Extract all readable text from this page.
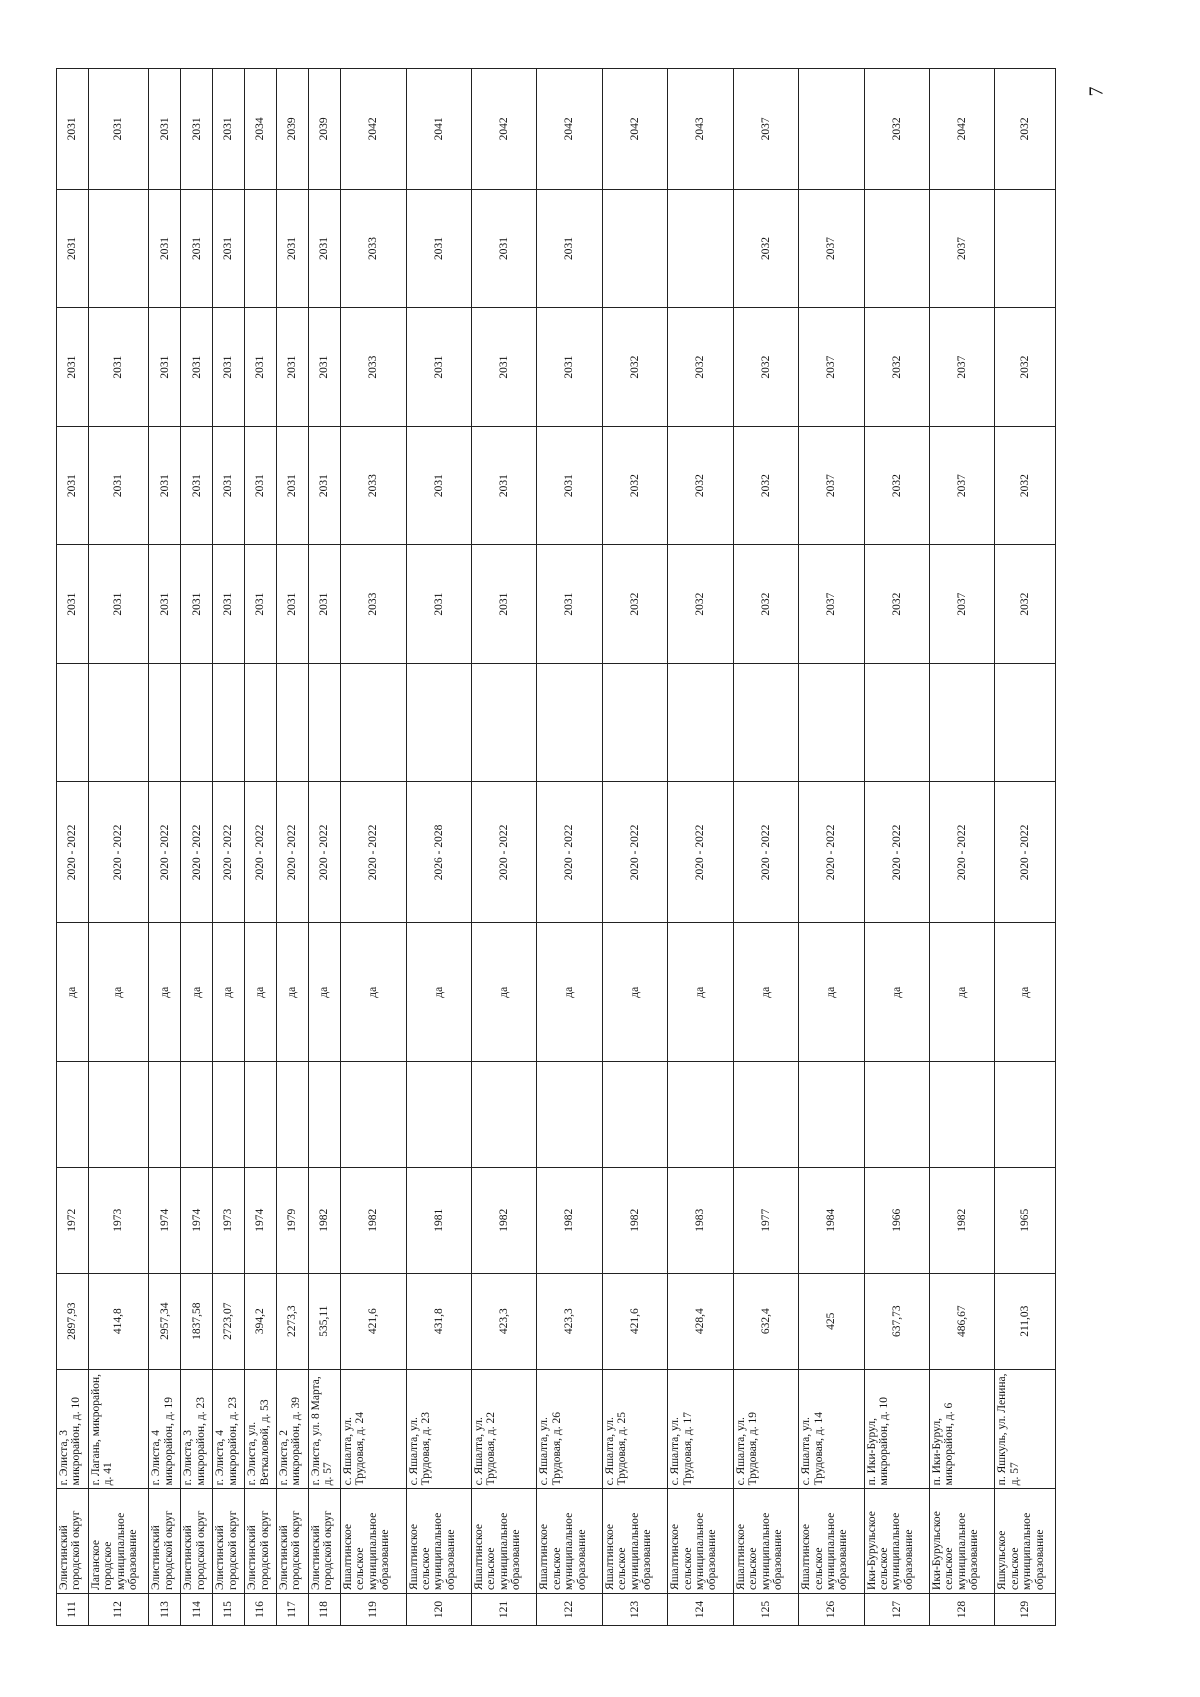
111	Элистинский городской округ	г. Элиста, 3 микрорайон, д. 10	2897,93	1972		да	2020 - 2022		2031	2031	2031	2031	2031
112	Лаганское городское муниципальное образование	г. Лагань, микрорайон, д. 41	414,8	1973		да	2020 - 2022		2031	2031	2031		2031
113	Элистинский городской округ	г. Элиста, 4 микрорайон, д. 19	2957,34	1974		да	2020 - 2022		2031	2031	2031	2031	2031
114	Элистинский городской округ	г. Элиста, 3 микрорайон, д. 23	1837,58	1974		да	2020 - 2022		2031	2031	2031	2031	2031
115	Элистинский городской округ	г. Элиста, 4 микрорайон, д. 23	2723,07	1973		да	2020 - 2022		2031	2031	2031	2031	2031
116	Элистинский городской округ	г. Элиста, ул. Веткаловой, д. 53	394,2	1974		да	2020 - 2022		2031	2031	2031		2034
117	Элистинский городской округ	г. Элиста, 2 микрорайон, д. 39	2273,3	1979		да	2020 - 2022		2031	2031	2031	2031	2039
118	Элистинский городской округ	г. Элиста, ул. 8 Марта, д. 57	535,11	1982		да	2020 - 2022		2031	2031	2031	2031	2039
119	Яшалтинское сельское муниципальное образование	с. Яшалта, ул. Трудовая, д. 24	421,6	1982		да	2020 - 2022		2033	2033	2033	2033	2042
120	Яшалтинское сельское муниципальное образование	с. Яшалта, ул. Трудовая, д. 23	431,8	1981		да	2026 - 2028		2031	2031	2031	2031	2041
121	Яшалтинское сельское муниципальное образование	с. Яшалта, ул. Трудовая, д. 22	423,3	1982		да	2020 - 2022		2031	2031	2031	2031	2042
122	Яшалтинское сельское муниципальное образование	с. Яшалта, ул. Трудовая, д. 26	423,3	1982		да	2020 - 2022		2031	2031	2031	2031	2042
123	Яшалтинское сельское муниципальное образование	с. Яшалта, ул. Трудовая, д. 25	421,6	1982		да	2020 - 2022		2032	2032	2032		2042
124	Яшалтинское сельское муниципальное образование	с. Яшалта, ул. Трудовая, д. 17	428,4	1983		да	2020 - 2022		2032	2032	2032		2043
125	Яшалтинское сельское муниципальное образование	с. Яшалта, ул. Трудовая, д. 19	632,4	1977		да	2020 - 2022		2032	2032	2032	2032	2037
126	Яшалтинское сельское муниципальное образование	с. Яшалта, ул. Трудовая, д. 14	425	1984		да	2020 - 2022		2037	2037	2037	2037	
127	Ики-Бурульское сельское муниципальное образование	п. Ики-Бурул, микрорайон, д. 10	637,73	1966		да	2020 - 2022		2032	2032	2032		2032
128	Ики-Бурульское сельское муниципальное образование	п. Ики-Бурул, микрорайон, д. 6	486,67	1982		да	2020 - 2022		2037	2037	2037	2037	2042
129	Яшкульское сельское муниципальное образование	п. Яшкуль, ул. Ленина, д. 57	211,03	1965		да	2020 - 2022		2032	2032	2032		2032
7
